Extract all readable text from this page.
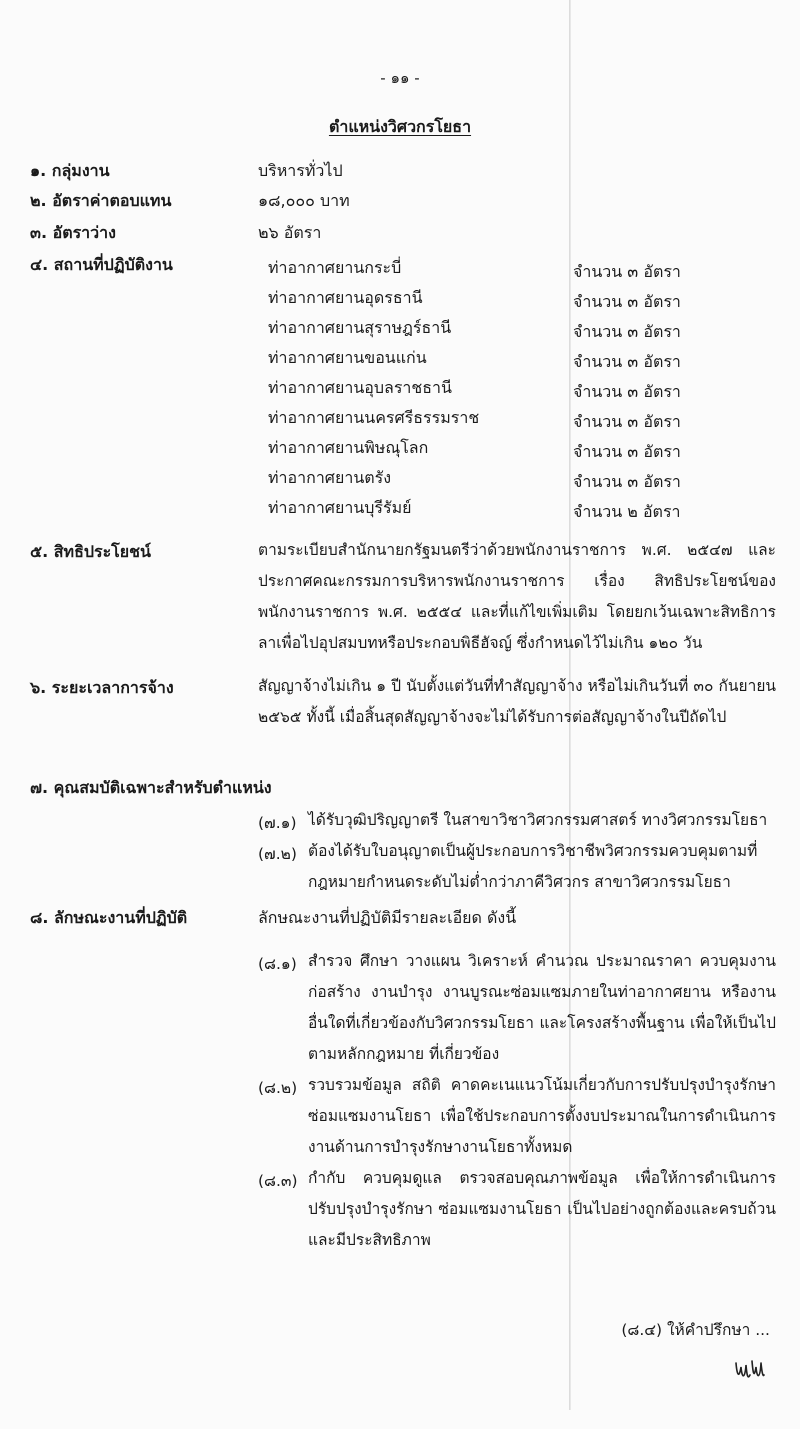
- ๑๑ -
ตำแหน่งวิศวกรโยธา
๑. กลุ่มงาน	บริหารทั่วไป
๒. อัตราค่าตอบแทน	๑๘,๐๐๐ บาท
๓. อัตราว่าง	๒๖ อัตรา
๔. สถานที่ปฏิบัติงาน	ท่าอากาศยานกระบี่	จำนวน ๓ อัตรา
ท่าอากาศยานอุดรธานี	จำนวน ๓ อัตรา
ท่าอากาศยานสุราษฎร์ธานี	จำนวน ๓ อัตรา
ท่าอากาศยานขอนแก่น	จำนวน ๓ อัตรา
ท่าอากาศยานอุบลราชธานี	จำนวน ๓ อัตรา
ท่าอากาศยานนครศรีธรรมราช	จำนวน ๓ อัตรา
ท่าอากาศยานพิษณุโลก	จำนวน ๓ อัตรา
ท่าอากาศยานตรัง	จำนวน ๓ อัตรา
ท่าอากาศยานบุรีรัมย์	จำนวน ๒ อัตรา
๕. สิทธิประโยชน์	ตามระเบียบสำนักนายกรัฐมนตรีว่าด้วยพนักงานราชการ พ.ศ. ๒๕๔๗ และประกาศคณะกรรมการบริหารพนักงานราชการ เรื่อง สิทธิประโยชน์ของพนักงานราชการ พ.ศ. ๒๕๕๔ และที่แก้ไขเพิ่มเติม โดยยกเว้นเฉพาะสิทธิการลาเพื่อไปอุปสมบทหรือประกอบพิธีฮัจญ์ ซึ่งกำหนดไว้ไม่เกิน ๑๒๐ วัน
๖. ระยะเวลาการจ้าง	สัญญาจ้างไม่เกิน ๑ ปี นับตั้งแต่วันที่ทำสัญญาจ้าง หรือไม่เกินวันที่ ๓๐ กันยายน ๒๕๖๕ ทั้งนี้ เมื่อสิ้นสุดสัญญาจ้างจะไม่ได้รับการต่อสัญญาจ้างในปีถัดไป
๗. คุณสมบัติเฉพาะสำหรับตำแหน่ง
(๗.๑) ได้รับวุฒิปริญญาตรี ในสาขาวิชาวิศวกรรมศาสตร์ ทางวิศวกรรมโยธา
(๗.๒) ต้องได้รับใบอนุญาตเป็นผู้ประกอบการวิชาชีพวิศวกรรมควบคุมตามที่กฎหมายกำหนดระดับไม่ต่ำกว่าภาคีวิศวกร สาขาวิศวกรรมโยธา
๘. ลักษณะงานที่ปฏิบัติ	ลักษณะงานที่ปฏิบัติมีรายละเอียด ดังนี้
(๘.๑) สำรวจ ศึกษา วางแผน วิเคราะห์ คำนวณ ประมาณราคา ควบคุมงานก่อสร้าง งานบำรุง งานบูรณะซ่อมแซมภายในท่าอากาศยาน หรืองานอื่นใดที่เกี่ยวข้องกับวิศวกรรมโยธา และโครงสร้างพื้นฐาน เพื่อให้เป็นไปตามหลักกฎหมาย ที่เกี่ยวข้อง
(๘.๒) รวบรวมข้อมูล สถิติ คาดคะเนแนวโน้มเกี่ยวกับการปรับปรุงบำรุงรักษา ซ่อมแซมงานโยธา เพื่อใช้ประกอบการตั้งงบประมาณในการดำเนินการงานด้านการบำรุงรักษางานโยธาทั้งหมด
(๘.๓) กำกับ ควบคุมดูแล ตรวจสอบคุณภาพข้อมูล เพื่อให้การดำเนินการปรับปรุงบำรุงรักษา ซ่อมแซมงานโยธา เป็นไปอย่างถูกต้องและครบถ้วน และมีประสิทธิภาพ
(๘.๔) ให้คำปรึกษา ...
